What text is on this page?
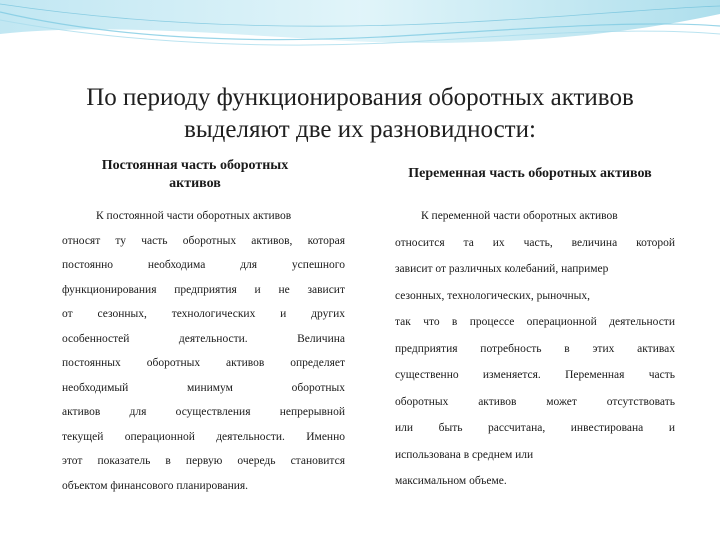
По периоду функционирования оборотных активов
выделяют две их разновидности:
Постоянная часть оборотных
активов
Переменная часть оборотных активов
К постоянной части оборотных активов
относят ту часть оборотных активов, которая
постоянно необходима для успешного
функционирования предприятия и не зависит
от сезонных, технологических и других
особенностей деятельности. Величина
постоянных оборотных активов определяет
необходимый минимум оборотных
активов для осуществления непрерывной
текущей операционной деятельности. Именно
этот показатель в первую очередь становится
объектом финансового планирования.
К переменной части оборотных активов
относится та их часть, величина которой
зависит от различных колебаний, например
сезонных, технологических, рыночных,
так что в процессе операционной деятельности
предприятия потребность в этих активах
существенно изменяется. Переменная часть
оборотных активов может отсутствовать
или быть рассчитана, инвестирована и
использована в среднем или
максимальном объеме.
